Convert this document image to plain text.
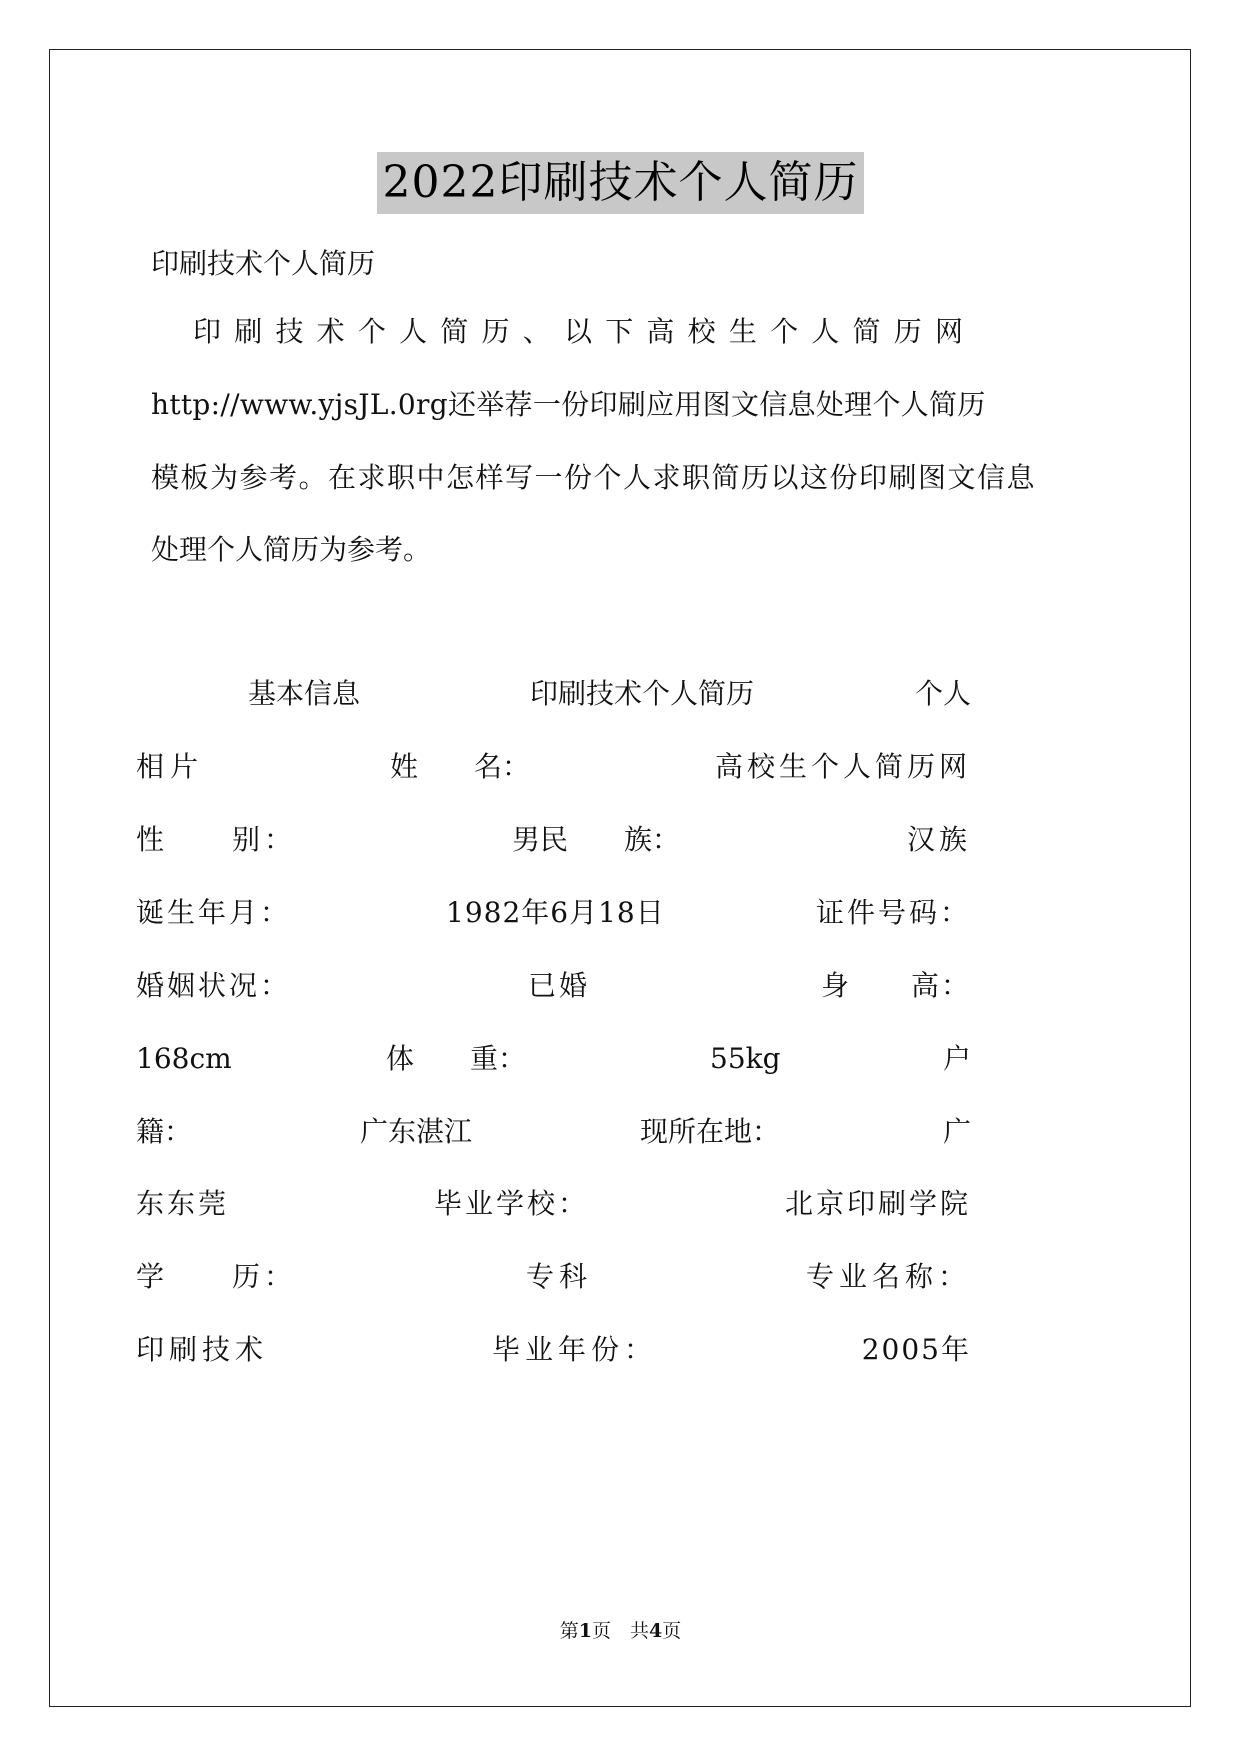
2022印刷技术个人简历
印刷技术个人简历
印 刷 技 术 个 人 简 历 、 以 下 高 校 生 个 人 简 历 网
http://www.yjsJL.0rg还举荐一份印刷应用图文信息处理个人简历
模板为参考。在求职中怎样写一份个人求职简历以这份印刷图文信息
处理个人简历为参考。
基本信息	印刷技术个人简历	个人
相片	姓　　名：	高校生个人简历网
性　　别：	男民　　族：	汉族
诞生年月：	1982年6月18日	证件号码：
婚姻状况：	已婚	身　　高：
168cm	体　　重：	55kg	户
籍：	广东湛江	现所在地：	广
东东莞	毕业学校：	北京印刷学院
学　　历：	专科	专业名称：
印刷技术	毕业年份：	2005年
第1页　共4页
